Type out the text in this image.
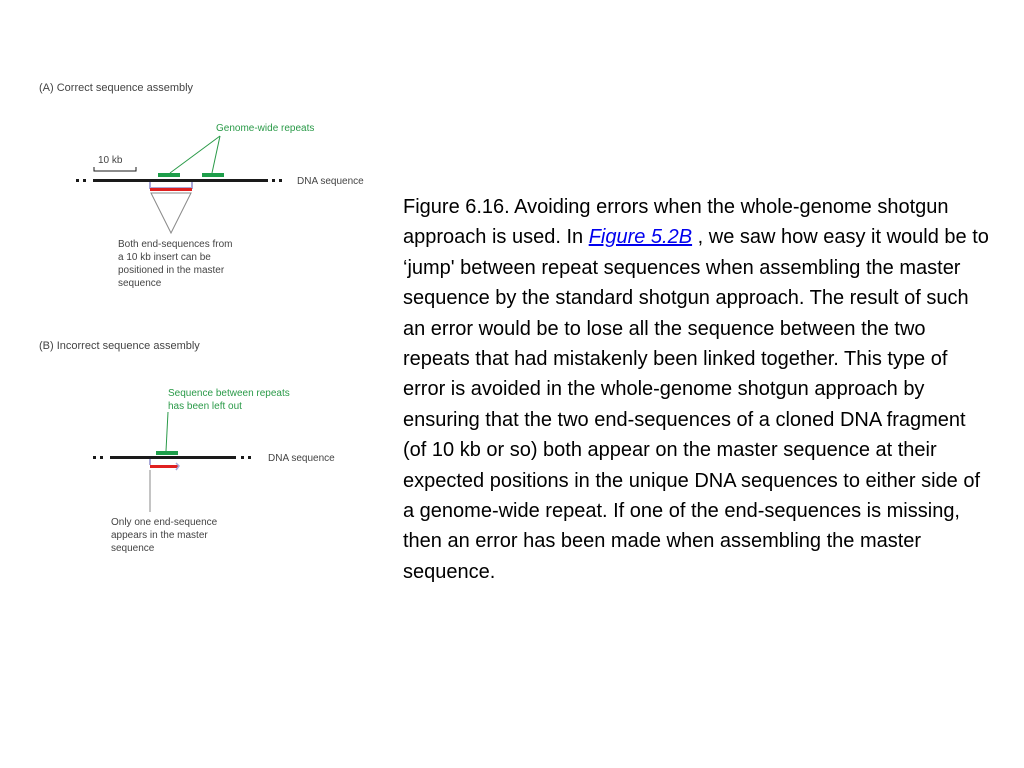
(A) Correct sequence assembly
Genome-wide repeats
10 kb
DNA sequence
Both end-sequences from a 10 kb insert can be positioned in the master sequence
(B) Incorrect sequence assembly
Sequence between repeats has been left out
DNA sequence
Only one end-sequence appears in the master sequence

Figure 6.16. Avoiding errors when the whole-genome shotgun approach is used. In Figure 5.2B , we saw how easy it would be to ‘jump' between repeat sequences when assembling the master sequence by the standard shotgun approach. The result of such an error would be to lose all the sequence between the two repeats that had mistakenly been linked together. This type of error is avoided in the whole-genome shotgun approach by ensuring that the two end-sequences of a cloned DNA fragment (of 10 kb or so) both appear on the master sequence at their expected positions in the unique DNA sequences to either side of a genome-wide repeat. If one of the end-sequences is missing, then an error has been made when assembling the master sequence.
